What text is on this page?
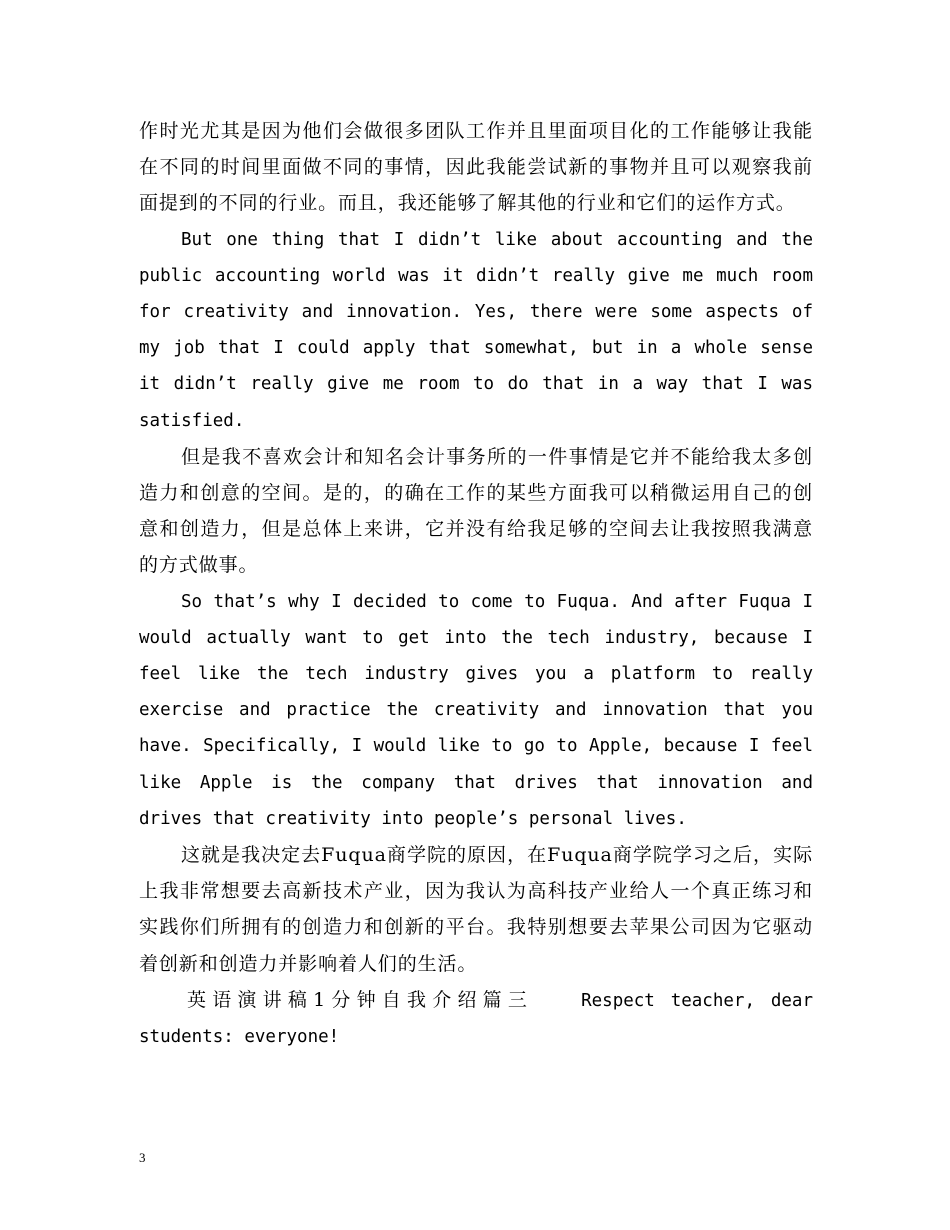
作时光尤其是因为他们会做很多团队工作并且里面项目化的工作能够让我能在不同的时间里面做不同的事情，因此我能尝试新的事物并且可以观察我前面提到的不同的行业。而且，我还能够了解其他的行业和它们的运作方式。

But one thing that I didn’t like about accounting and the public accounting world was it didn’t really give me much room for creativity and innovation. Yes, there were some aspects of my job that I could apply that somewhat, but in a whole sense it didn’t really give me room to do that in a way that I was satisfied.

但是我不喜欢会计和知名会计事务所的一件事情是它并不能给我太多创造力和创意的空间。是的，的确在工作的某些方面我可以稍微运用自己的创意和创造力，但是总体上来讲，它并没有给我足够的空间去让我按照我满意的方式做事。

So that’s why I decided to come to Fuqua. And after Fuqua I would actually want to get into the tech industry, because I feel like the tech industry gives you a platform to really exercise and practice the creativity and innovation that you have. Specifically, I would like to go to Apple, because I feel like Apple is the company that drives that innovation and drives that creativity into people’s personal lives.

这就是我决定去Fuqua商学院的原因，在Fuqua商学院学习之后，实际上我非常想要去高新技术产业，因为我认为高科技产业给人一个真正练习和实践你们所拥有的创造力和创新的平台。我特别想要去苹果公司因为它驱动着创新和创造力并影响着人们的生活。

英语演讲稿1分钟自我介绍篇三	Respect teacher, dear students: everyone!

3
